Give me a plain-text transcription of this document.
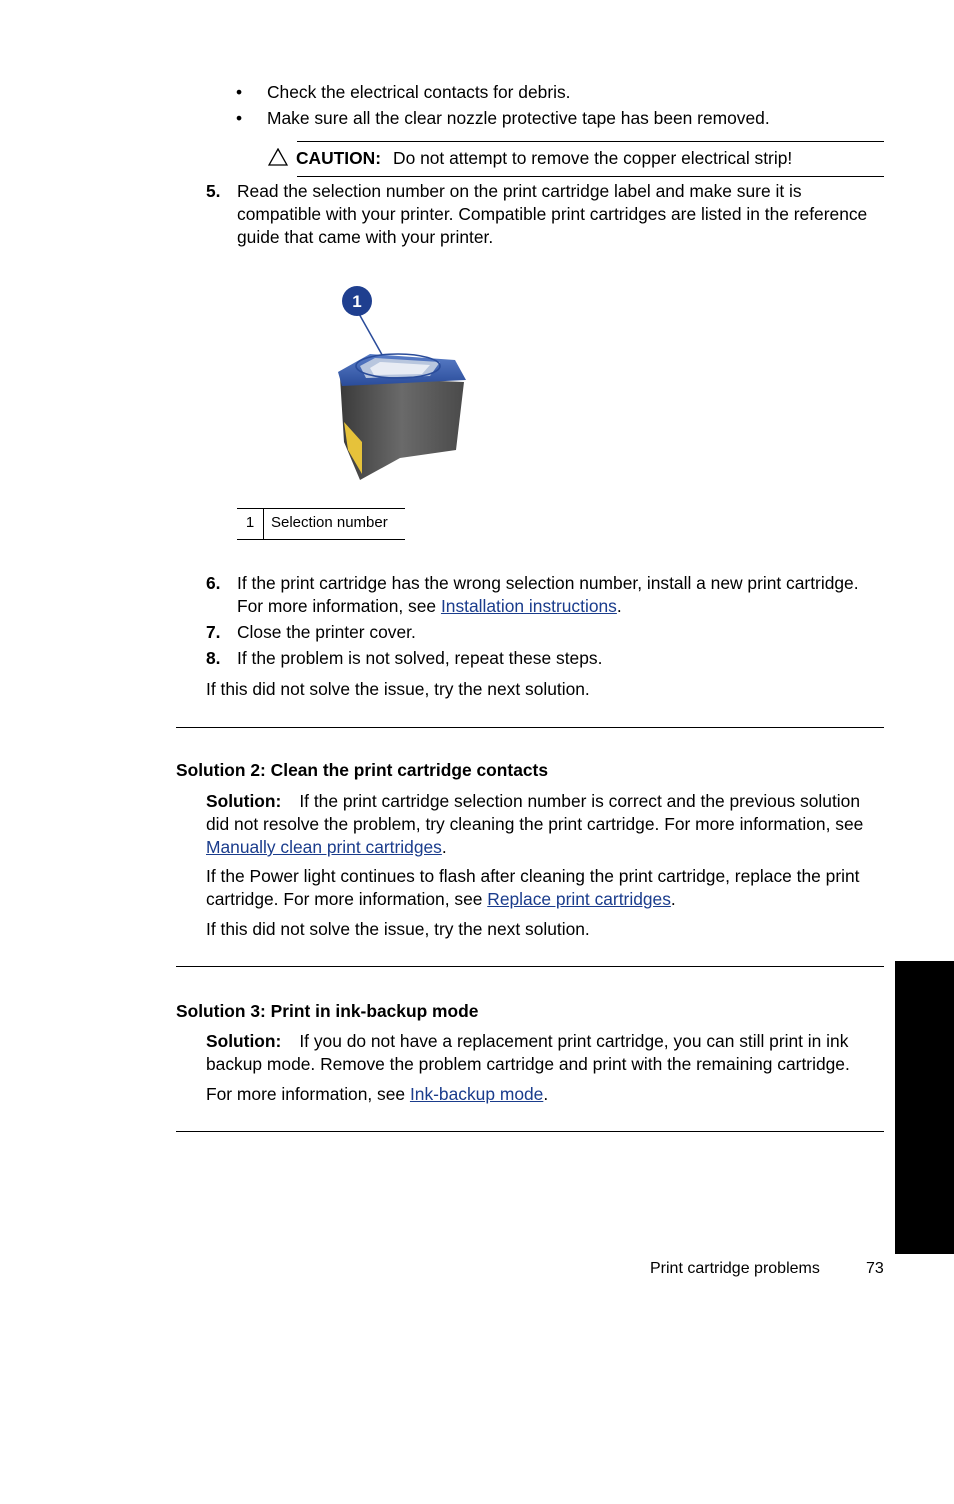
•	Check the electrical contacts for debris.
•	Make sure all the clear nozzle protective tape has been removed.
CAUTION: Do not attempt to remove the copper electrical strip!
5. Read the selection number on the print cartridge label and make sure it is compatible with your printer. Compatible print cartridges are listed in the reference guide that came with your printer.
1
1	Selection number
6. If the print cartridge has the wrong selection number, install a new print cartridge. For more information, see Installation instructions.
7. Close the printer cover.
8. If the problem is not solved, repeat these steps.
If this did not solve the issue, try the next solution.
Solution 2: Clean the print cartridge contacts
Solution: If the print cartridge selection number is correct and the previous solution did not resolve the problem, try cleaning the print cartridge. For more information, see Manually clean print cartridges.
If the Power light continues to flash after cleaning the print cartridge, replace the print cartridge. For more information, see Replace print cartridges.
If this did not solve the issue, try the next solution.
Solution 3: Print in ink-backup mode
Solution: If you do not have a replacement print cartridge, you can still print in ink backup mode. Remove the problem cartridge and print with the remaining cartridge.
For more information, see Ink-backup mode.
Troubleshooting
Print cartridge problems	73
